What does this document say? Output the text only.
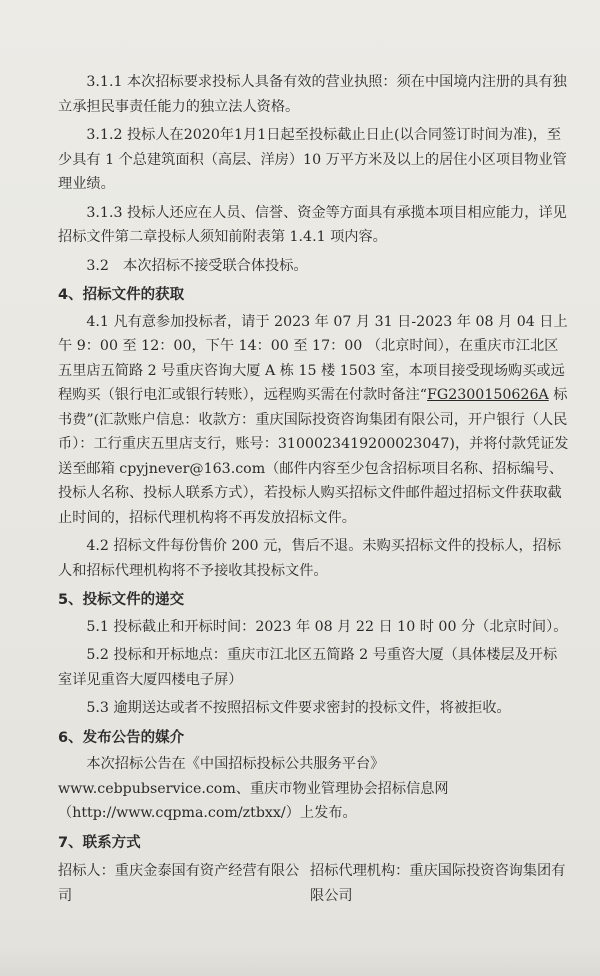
3.1.1 本次招标要求投标人具备有效的营业执照：须在中国境内注册的具有独立承担民事责任能力的独立法人资格。

3.1.2 投标人在2020年1月1日起至投标截止日止(以合同签订时间为准)，至少具有 1 个总建筑面积（高层、洋房）10 万平方米及以上的居住小区项目物业管理业绩。

3.1.3 投标人还应在人员、信誉、资金等方面具有承揽本项目相应能力，详见招标文件第二章投标人须知前附表第 1.4.1 项内容。

3.2　本次招标不接受联合体投标。

4、招标文件的获取

4.1 凡有意参加投标者，请于 2023 年 07 月 31 日-2023 年 08 月 04 日上午 9：00 至 12：00，下午 14：00 至 17：00 （北京时间），在重庆市江北区五里店五简路 2 号重庆咨询大厦 A 栋 15 楼 1503 室，本项目接受现场购买或远程购买（银行电汇或银行转账），远程购买需在付款时备注“FG2300150626A 标书费”(汇款账户信息：收款方：重庆国际投资咨询集团有限公司，开户银行（人民币）：工行重庆五里店支行，账号：3100023419200023047)，并将付款凭证发送至邮箱 cpyjnever@163.com（邮件内容至少包含招标项目名称、招标编号、投标人名称、投标人联系方式），若投标人购买招标文件邮件超过招标文件获取截止时间的，招标代理机构将不再发放招标文件。

4.2 招标文件每份售价 200 元，售后不退。未购买招标文件的投标人，招标人和招标代理机构将不予接收其投标文件。

5、投标文件的递交

5.1 投标截止和开标时间：2023 年 08 月 22 日 10 时 00 分（北京时间）。

5.2 投标和开标地点：重庆市江北区五简路 2 号重咨大厦（具体楼层及开标室详见重咨大厦四楼电子屏）

5.3 逾期送达或者不按照招标文件要求密封的投标文件，将被拒收。

6、发布公告的媒介

本次招标公告在《中国招标投标公共服务平台》www.cebpubservice.com、重庆市物业管理协会招标信息网（http://www.cqpma.com/ztbxx/）上发布。

7、联系方式

招标人：重庆金泰国有资产经营有限公司
招标代理机构：重庆国际投资咨询集团有限公司
